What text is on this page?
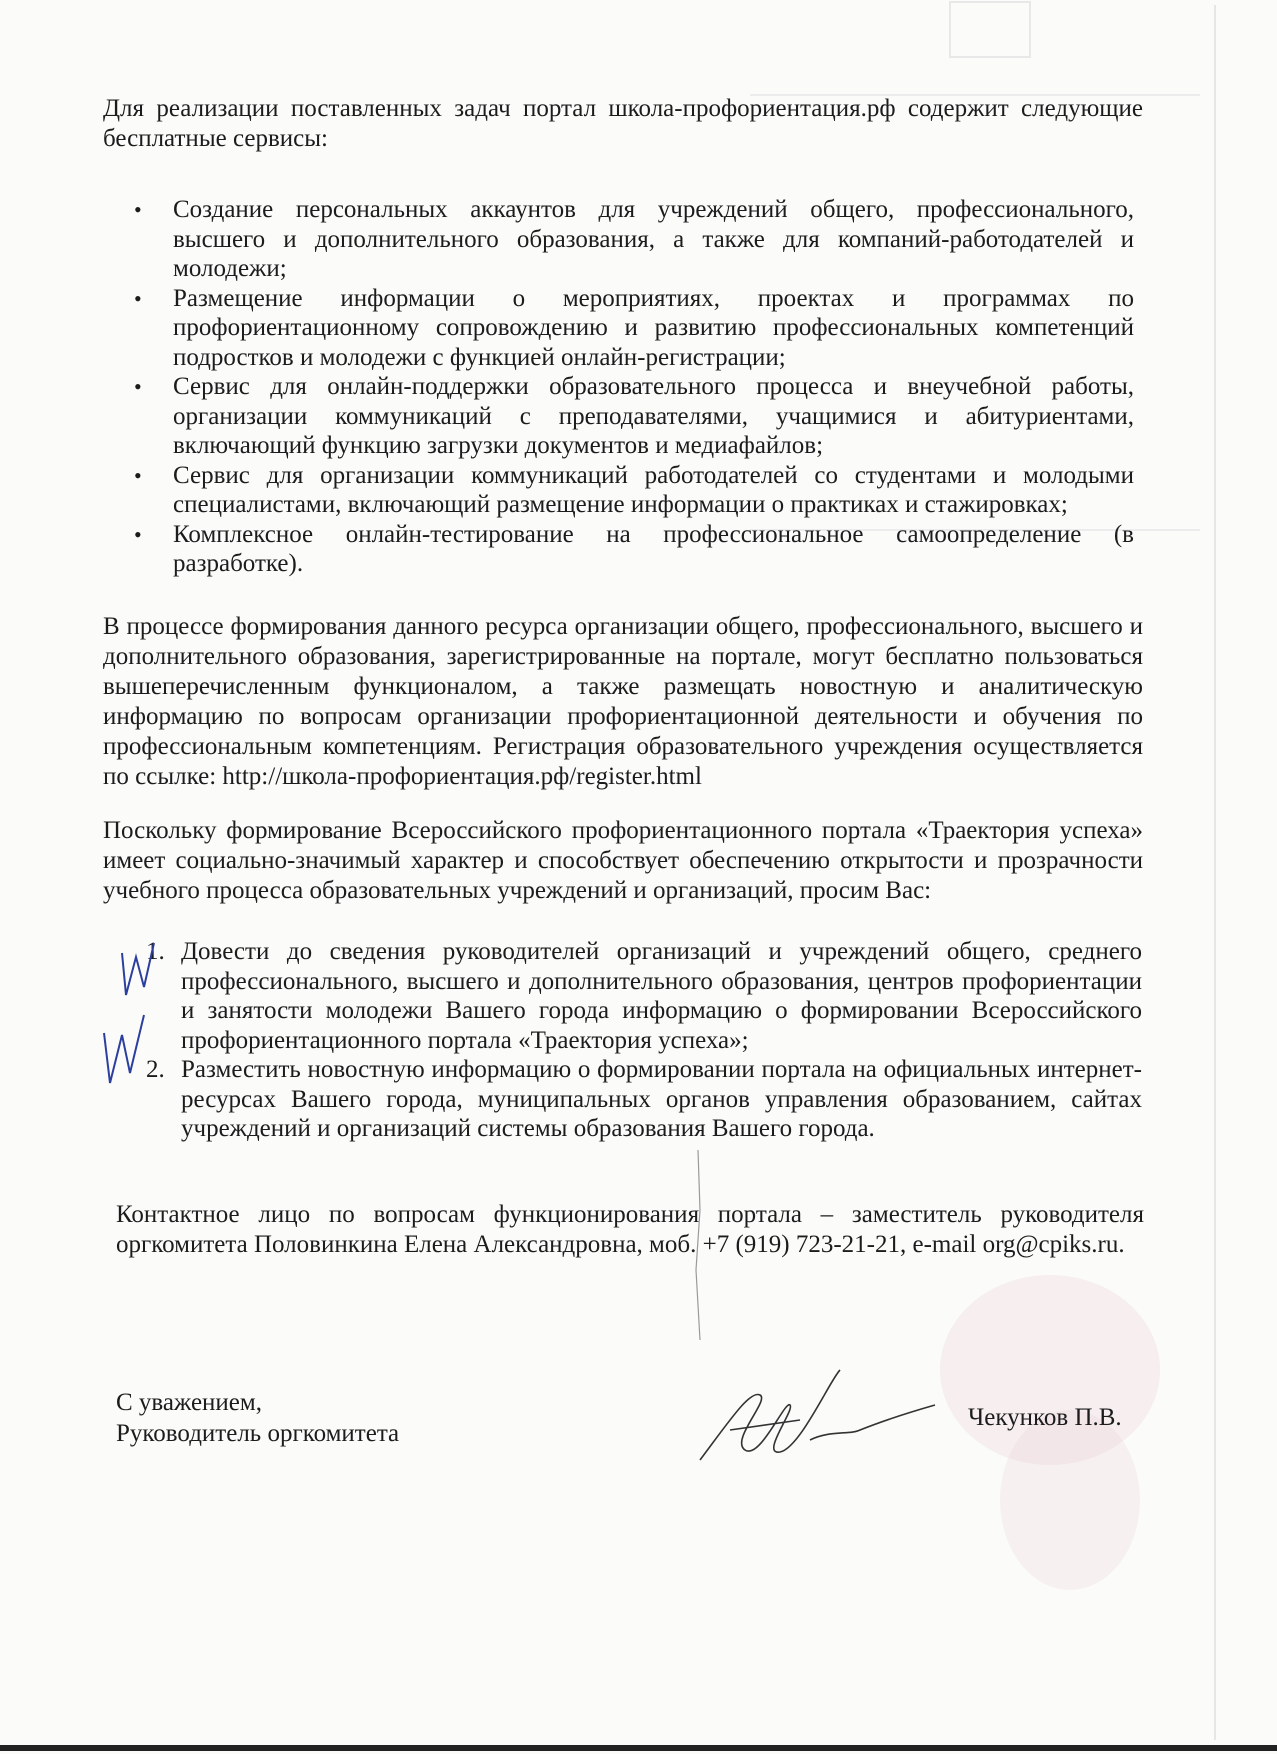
Для реализации поставленных задач портал школа-профориентация.рф содержит следующие бесплатные сервисы:

• Создание персональных аккаунтов для учреждений общего, профессионального, высшего и дополнительного образования, а также для компаний-работодателей и молодежи;
• Размещение информации о мероприятиях, проектах и программах по профориентационному сопровождению и развитию профессиональных компетенций подростков и молодежи с функцией онлайн-регистрации;
• Сервис для онлайн-поддержки образовательного процесса и внеучебной работы, организации коммуникаций с преподавателями, учащимися и абитуриентами, включающий функцию загрузки документов и медиафайлов;
• Сервис для организации коммуникаций работодателей со студентами и молодыми специалистами, включающий размещение информации о практиках и стажировках;
• Комплексное онлайн-тестирование на профессиональное самоопределение (в разработке).

В процессе формирования данного ресурса организации общего, профессионального, высшего и дополнительного образования, зарегистрированные на портале, могут бесплатно пользоваться вышеперечисленным функционалом, а также размещать новостную и аналитическую информацию по вопросам организации профориентационной деятельности и обучения по профессиональным компетенциям. Регистрация образовательного учреждения осуществляется по ссылке: http://школа-профориентация.рф/register.html

Поскольку формирование Всероссийского профориентационного портала «Траектория успеха» имеет социально-значимый характер и способствует обеспечению открытости и прозрачности учебного процесса образовательных учреждений и организаций, просим Вас:

1. Довести до сведения руководителей организаций и учреждений общего, среднего профессионального, высшего и дополнительного образования, центров профориентации и занятости молодежи Вашего города информацию о формировании Всероссийского профориентационного портала «Траектория успеха»;
2. Разместить новостную информацию о формировании портала на официальных интернет-ресурсах Вашего города, муниципальных органов управления образованием, сайтах учреждений и организаций системы образования Вашего города.

Контактное лицо по вопросам функционирования портала – заместитель руководителя оргкомитета Половинкина Елена Александровна, моб. +7 (919) 723-21-21, e-mail org@cpiks.ru.

С уважением,
Руководитель оргкомитета
Чекунков П.В.
